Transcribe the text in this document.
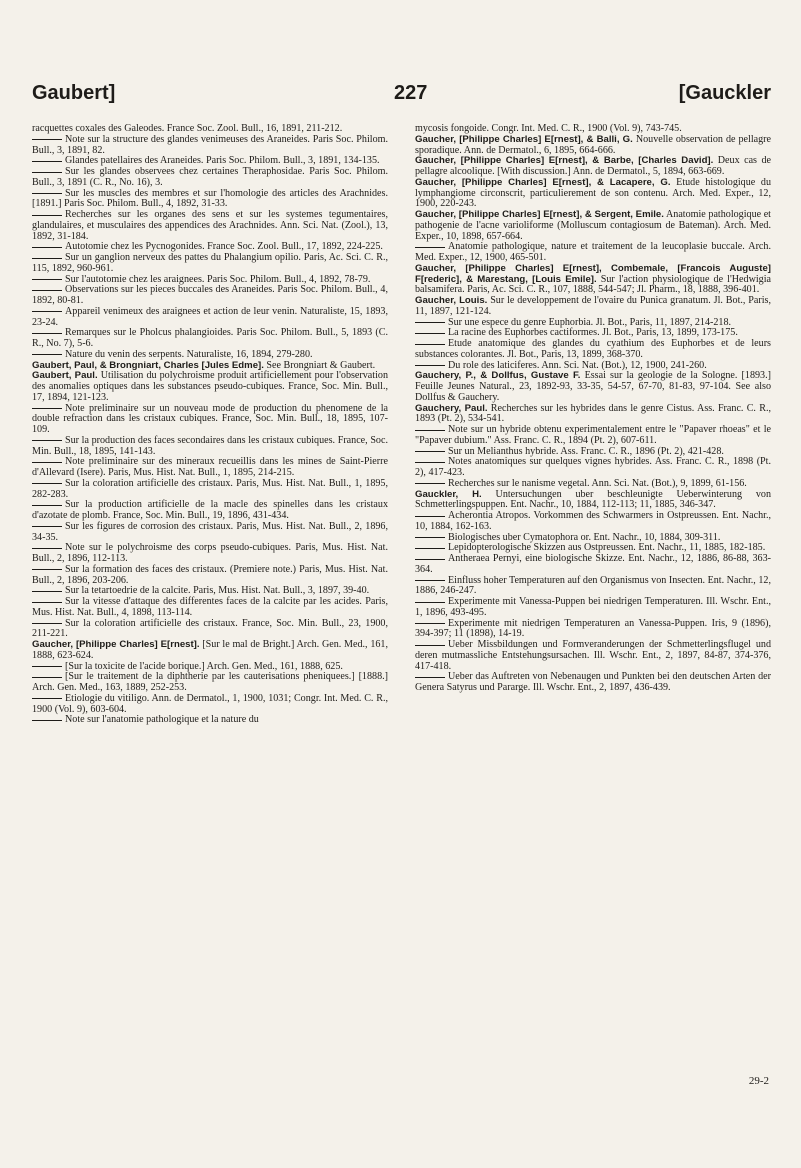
Gaubert]	227	[Gauckler

racquettes coxales des Galeodes. France Soc. Zool. Bull., 16, 1891, 211-212.

Note sur la structure des glandes venimeuses des Araneides. Paris Soc. Philom. Bull., 3, 1891, 82.

Glandes patellaires des Araneides. Paris Soc. Philom. Bull., 3, 1891, 134-135.

Sur les glandes observees chez certaines Theraphosidae. Paris Soc. Philom. Bull., 3, 1891 (C. R., No. 16), 3.

Sur les muscles des membres et sur l'homologie des articles des Arachnides. [1891.] Paris Soc. Philom. Bull., 4, 1892, 31-33.

Recherches sur les organes des sens et sur les systemes tegumentaires, glandulaires, et musculaires des appendices des Arachnides. Ann. Sci. Nat. (Zool.), 13, 1892, 31-184.

Autotomie chez les Pycnogonides. France Soc. Zool. Bull., 17, 1892, 224-225.

Sur un ganglion nerveux des pattes du Phalangium opilio. Paris, Ac. Sci. C. R., 115, 1892, 960-961.

Sur l'autotomie chez les araignees. Paris Soc. Philom. Bull., 4, 1892, 78-79.

Observations sur les pieces buccales des Araneides. Paris Soc. Philom. Bull., 4, 1892, 80-81.

Appareil venimeux des araignees et action de leur venin. Naturaliste, 15, 1893, 23-24.

Remarques sur le Pholcus phalangioides. Paris Soc. Philom. Bull., 5, 1893 (C. R., No. 7), 5-6.

Nature du venin des serpents. Naturaliste, 16, 1894, 279-280.

Gaubert, Paul, & Brongniart, Charles [Jules Edme]. See Brongniart & Gaubert.

Gaubert, Paul. Utilisation du polychroisme produit artificiellement pour l'observation des anomalies optiques dans les substances pseudo-cubiques. France, Soc. Min. Bull., 17, 1894, 121-123.

Note preliminaire sur un nouveau mode de production du phenomene de la double refraction dans les cristaux cubiques. France, Soc. Min. Bull., 18, 1895, 107-109.

Sur la production des faces secondaires dans les cristaux cubiques. France, Soc. Min. Bull., 18, 1895, 141-143.

Note preliminaire sur des mineraux recueillis dans les mines de Saint-Pierre d'Allevard (Isere). Paris, Mus. Hist. Nat. Bull., 1, 1895, 214-215.

Sur la coloration artificielle des cristaux. Paris, Mus. Hist. Nat. Bull., 1, 1895, 282-283.

Sur la production artificielle de la macle des spinelles dans les cristaux d'azotate de plomb. France, Soc. Min. Bull., 19, 1896, 431-434.

Sur les figures de corrosion des cristaux. Paris, Mus. Hist. Nat. Bull., 2, 1896, 34-35.

Note sur le polychroisme des corps pseudo-cubiques. Paris, Mus. Hist. Nat. Bull., 2, 1896, 112-113.

Sur la formation des faces des cristaux. (Premiere note.) Paris, Mus. Hist. Nat. Bull., 2, 1896, 203-206.

Sur la tetartoedrie de la calcite. Paris, Mus. Hist. Nat. Bull., 3, 1897, 39-40.

Sur la vitesse d'attaque des differentes faces de la calcite par les acides. Paris, Mus. Hist. Nat. Bull., 4, 1898, 113-114.

Sur la coloration artificielle des cristaux. France, Soc. Min. Bull., 23, 1900, 211-221.

Gaucher, [Philippe Charles] E[rnest]. [Sur le mal de Bright.] Arch. Gen. Med., 161, 1888, 623-624.

[Sur la toxicite de l'acide borique.] Arch. Gen. Med., 161, 1888, 625.

[Sur le traitement de la diphtherie par les cauterisations pheniquees.] [1888.] Arch. Gen. Med., 163, 1889, 252-253.

Etiologie du vitiligo. Ann. de Dermatol., 1, 1900, 1031; Congr. Int. Med. C. R., 1900 (Vol. 9), 603-604.

Note sur l'anatomie pathologique et la nature du

mycosis fongoide. Congr. Int. Med. C. R., 1900 (Vol. 9), 743-745.

Gaucher, [Philippe Charles] E[rnest], & Balli, G. Nouvelle observation de pellagre sporadique. Ann. de Dermatol., 6, 1895, 664-666.

Gaucher, [Philippe Charles] E[rnest], & Barbe, [Charles David]. Deux cas de pellagre alcoolique. [With discussion.] Ann. de Dermatol., 5, 1894, 663-669.

Gaucher, [Philippe Charles] E[rnest], & Lacapere, G. Etude histologique du lymphangiome circonscrit, particulierement de son contenu. Arch. Med. Exper., 12, 1900, 220-243.

Gaucher, [Philippe Charles] E[rnest], & Sergent, Emile. Anatomie pathologique et pathogenie de l'acne varioliforme (Molluscum contagiosum de Bateman). Arch. Med. Exper., 10, 1898, 657-664.

Anatomie pathologique, nature et traitement de la leucoplasie buccale. Arch. Med. Exper., 12, 1900, 465-501.

Gaucher, [Philippe Charles] E[rnest], Combemale, [Francois Auguste] F[rederic], & Marestang, [Louis Emile]. Sur l'action physiologique de l'Hedwigia balsamifera. Paris, Ac. Sci. C. R., 107, 1888, 544-547; Jl. Pharm., 18, 1888, 396-401.

Gaucher, Louis. Sur le developpement de l'ovaire du Punica granatum. Jl. Bot., Paris, 11, 1897, 121-124.

Sur une espece du genre Euphorbia. Jl. Bot., Paris, 11, 1897, 214-218.

La racine des Euphorbes cactiformes. Jl. Bot., Paris, 13, 1899, 173-175.

Etude anatomique des glandes du cyathium des Euphorbes et de leurs substances colorantes. Jl. Bot., Paris, 13, 1899, 368-370.

Du role des laticiferes. Ann. Sci. Nat. (Bot.), 12, 1900, 241-260.

Gauchery, P., & Dollfus, Gustave F. Essai sur la geologie de la Sologne. [1893.] Feuille Jeunes Natural., 23, 1892-93, 33-35, 54-57, 67-70, 81-83, 97-104. See also Dollfus & Gauchery.

Gauchery, Paul. Recherches sur les hybrides dans le genre Cistus. Ass. Franc. C. R., 1893 (Pt. 2), 534-541.

Note sur un hybride obtenu experimentalement entre le "Papaver rhoeas" et le "Papaver dubium." Ass. Franc. C. R., 1894 (Pt. 2), 607-611.

Sur un Melianthus hybride. Ass. Franc. C. R., 1896 (Pt. 2), 421-428.

Notes anatomiques sur quelques vignes hybrides. Ass. Franc. C. R., 1898 (Pt. 2), 417-423.

Recherches sur le nanisme vegetal. Ann. Sci. Nat. (Bot.), 9, 1899, 61-156.

Gauckler, H. Untersuchungen uber beschleunigte Ueberwinterung von Schmetterlingspuppen. Ent. Nachr., 10, 1884, 112-113; 11, 1885, 346-347.

Acherontia Atropos. Vorkommen des Schwarmers in Ostpreussen. Ent. Nachr., 10, 1884, 162-163.

Biologisches uber Cymatophora or. Ent. Nachr., 10, 1884, 309-311.

Lepidopterologische Skizzen aus Ostpreussen. Ent. Nachr., 11, 1885, 182-185.

Antheraea Pernyi, eine biologische Skizze. Ent. Nachr., 12, 1886, 86-88, 363-364.

Einfluss hoher Temperaturen auf den Organismus von Insecten. Ent. Nachr., 12, 1886, 246-247.

Experimente mit Vanessa-Puppen bei niedrigen Temperaturen. Ill. Wschr. Ent., 1, 1896, 493-495.

Experimente mit niedrigen Temperaturen an Vanessa-Puppen. Iris, 9 (1896), 394-397; 11 (1898), 14-19.

Ueber Missbildungen und Formveranderungen der Schmetterlingsflugel und deren mutmassliche Entstehungsursachen. Ill. Wschr. Ent., 2, 1897, 84-87, 374-376, 417-418.

Ueber das Auftreten von Nebenaugen und Punkten bei den deutschen Arten der Genera Satyrus und Pararge. Ill. Wschr. Ent., 2, 1897, 436-439.

29-2
